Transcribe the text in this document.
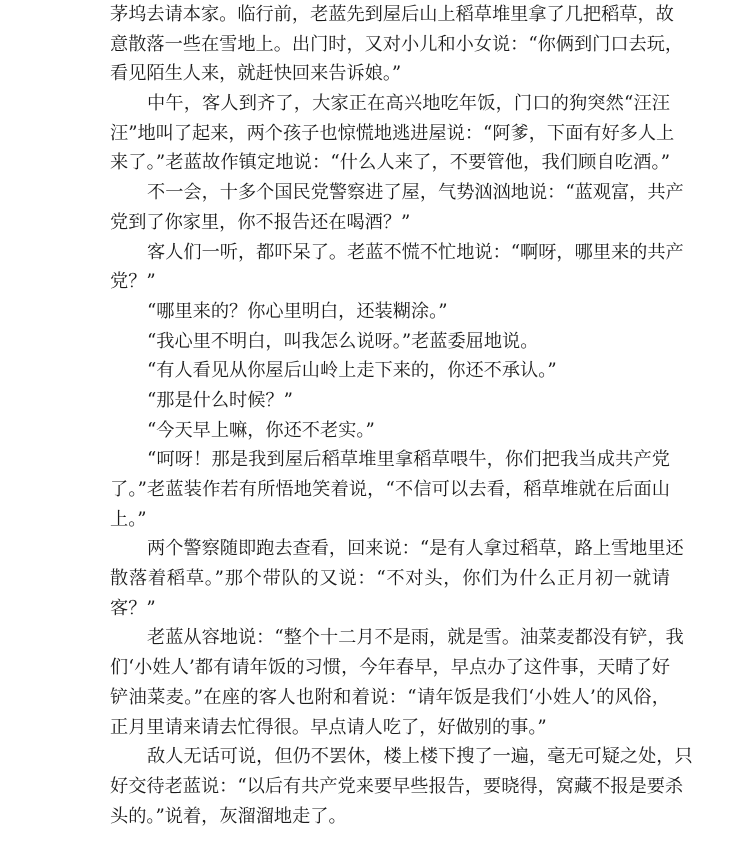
茅坞去请本家。临行前，老蓝先到屋后山上稻草堆里拿了几把稻草，故
意散落一些在雪地上。出门时，又对小儿和小女说：“你俩到门口去玩，
看见陌生人来，就赶快回来告诉娘。”
中午，客人到齐了，大家正在高兴地吃年饭，门口的狗突然“汪汪
汪”地叫了起来，两个孩子也惊慌地逃进屋说：“阿爹，下面有好多人上
来了。”老蓝故作镇定地说：“什么人来了，不要管他，我们顾自吃酒。”
不一会，十多个国民党警察进了屋，气势汹汹地说：“蓝观富，共产
党到了你家里，你不报告还在喝酒？”
客人们一听，都吓呆了。老蓝不慌不忙地说：“啊呀，哪里来的共产
党？”
“哪里来的？你心里明白，还装糊涂。”
“我心里不明白，叫我怎么说呀。”老蓝委屈地说。
“有人看见从你屋后山岭上走下来的，你还不承认。”
“那是什么时候？”
“今天早上嘛，你还不老实。”
“呵呀！那是我到屋后稻草堆里拿稻草喂牛，你们把我当成共产党
了。”老蓝装作若有所悟地笑着说，“不信可以去看，稻草堆就在后面山
上。”
两个警察随即跑去查看，回来说：“是有人拿过稻草，路上雪地里还
散落着稻草。”那个带队的又说：“不对头，你们为什么正月初一就请
客？”
老蓝从容地说：“整个十二月不是雨，就是雪。油菜麦都没有铲，我
们‘小姓人’都有请年饭的习惯，今年春早，早点办了这件事，天晴了好
铲油菜麦。”在座的客人也附和着说：“请年饭是我们‘小姓人’的风俗，
正月里请来请去忙得很。早点请人吃了，好做别的事。”
敌人无话可说，但仍不罢休，楼上楼下搜了一遍，毫无可疑之处，只
好交待老蓝说：“以后有共产党来要早些报告，要晓得，窝藏不报是要杀
头的。”说着，灰溜溜地走了。
